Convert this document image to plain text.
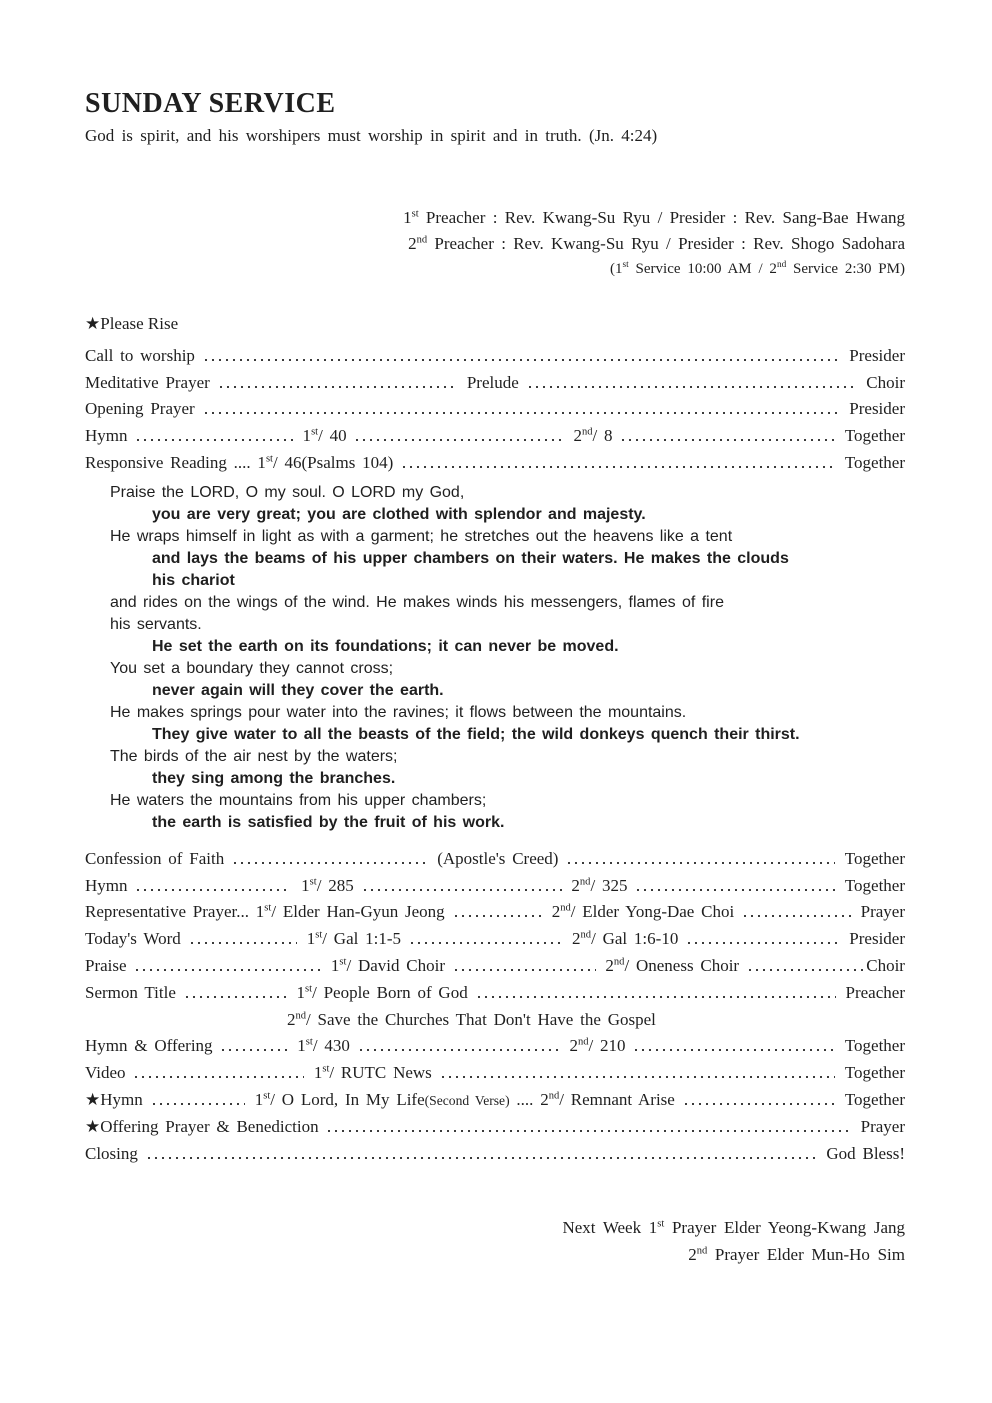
SUNDAY SERVICE

God is spirit, and his worshipers must worship in spirit and in truth. (Jn. 4:24)

1st Preacher : Rev. Kwang-Su Ryu / Presider : Rev. Sang-Bae Hwang
2nd Preacher : Rev. Kwang-Su Ryu / Presider : Rev. Shogo Sadohara
(1st Service 10:00 AM / 2nd Service 2:30 PM)
★Please Rise
Call to worship	Presider
Meditative Prayer	Prelude	Choir
Opening Prayer	Presider
Hymn	1st/ 40	2nd/ 8	Together
Responsive Reading .... 1st/ 46(Psalms 104)	Together
Praise the LORD, O my soul. O LORD my God,
you are very great; you are clothed with splendor and majesty.
He wraps himself in light as with a garment; he stretches out the heavens like a tent
and lays the beams of his upper chambers on their waters. He makes the clouds
his chariot
and rides on the wings of the wind. He makes winds his messengers, flames of fire
his servants.
He set the earth on its foundations; it can never be moved.
You set a boundary they cannot cross;
never again will they cover the earth.
He makes springs pour water into the ravines; it flows between the mountains.
They give water to all the beasts of the field; the wild donkeys quench their thirst.
The birds of the air nest by the waters;
they sing among the branches.
He waters the mountains from his upper chambers;
the earth is satisfied by the fruit of his work.
Confession of Faith	(Apostle's Creed)	Together
Hymn	1st/ 285	2nd/ 325	Together
Representative Prayer... 1st/ Elder Han-Gyun Jeong	2nd/ Elder Yong-Dae Choi	Prayer
Today's Word	1st/ Gal 1:1-5	2nd/ Gal 1:6-10	Presider
Praise	1st/ David Choir	2nd/ Oneness Choir	Choir
Sermon Title	1st/ People Born of God	Preacher
2nd/ Save the Churches That Don't Have the Gospel
Hymn & Offering	1st/ 430	2nd/ 210	Together
Video	1st/ RUTC News	Together
★Hymn	1st/ O Lord, In My Life(Second Verse) .... 2nd/ Remnant Arise	Together
★Offering Prayer & Benediction	Prayer
Closing	God Bless!
Next Week 1st Prayer Elder Yeong-Kwang Jang
2nd Prayer Elder Mun-Ho Sim
